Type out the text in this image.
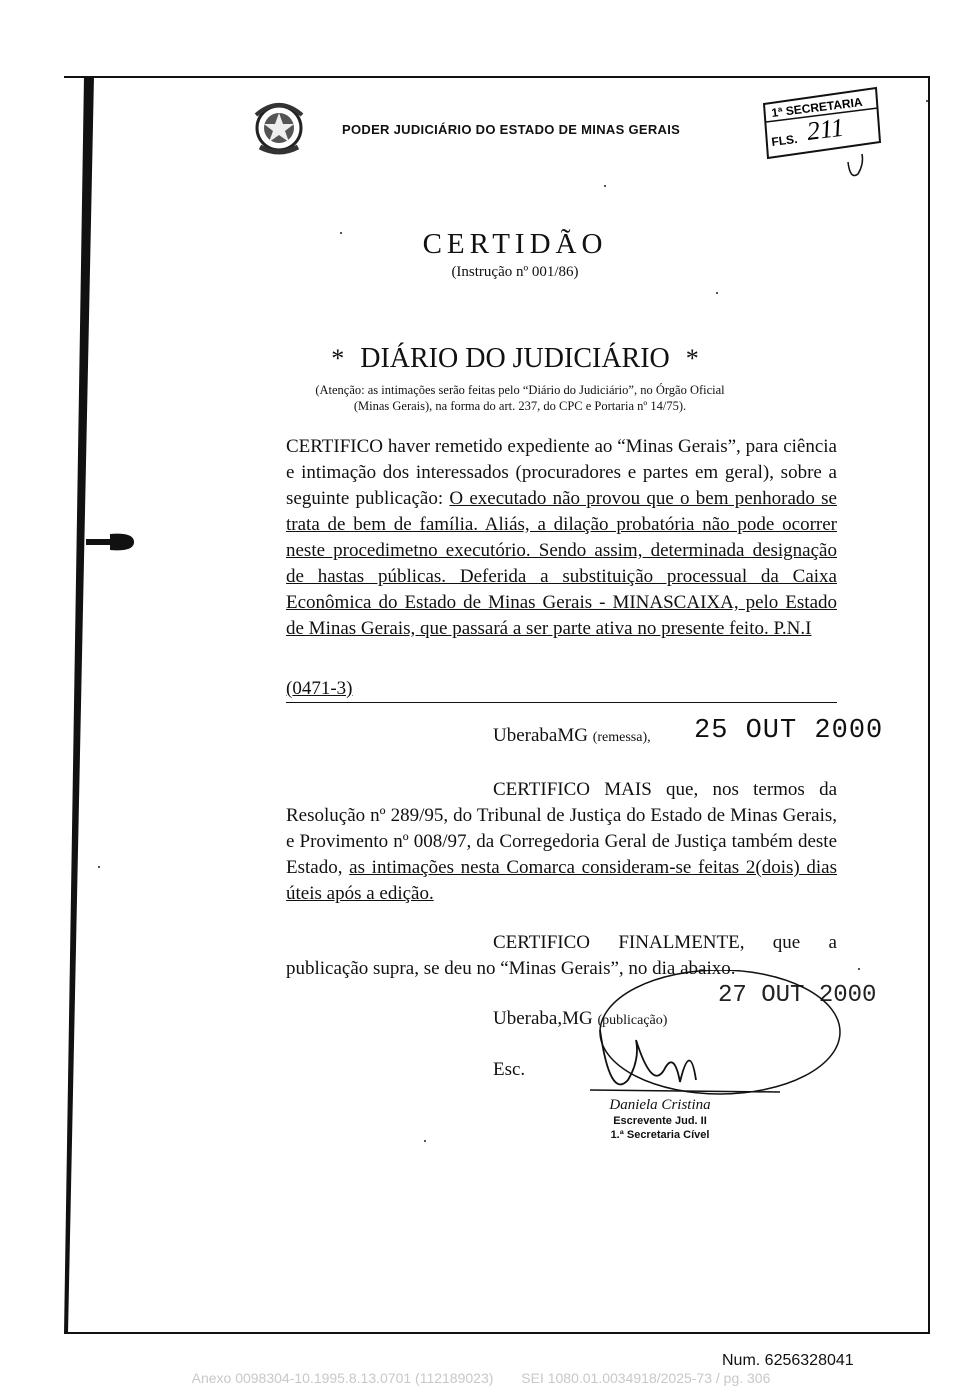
PODER JUDICIÁRIO DO ESTADO DE MINAS GERAIS
1ª SECRETARIA
FLS. 211
CERTIDÃO
(Instrução nº 001/86)
* DIÁRIO DO JUDICIÁRIO *
(Atenção: as intimações serão feitas pelo “Diário do Judiciário”, no Órgão Oficial (Minas Gerais), na forma do art. 237, do CPC e Portaria nº 14/75).
CERTIFICO haver remetido expediente ao “Minas Gerais”, para ciência e intimação dos interessados (procuradores e partes em geral), sobre a seguinte publicação: O executado não provou que o bem penhorado se trata de bem de família. Aliás, a dilação probatória não pode ocorrer neste procedimetno executório. Sendo assim, determinada designação de hastas públicas. Deferida a substituição processual da Caixa Econômica do Estado de Minas Gerais - MINASCAIXA, pelo Estado de Minas Gerais, que passará a ser parte ativa no presente feito. P.N.I
(0471-3)
UberabaMG (remessa), 25 OUT 2000
CERTIFICO MAIS que, nos termos da Resolução nº 289/95, do Tribunal de Justiça do Estado de Minas Gerais, e Provimento nº 008/97, da Corregedoria Geral de Justiça também deste Estado, as intimações nesta Comarca consideram-se feitas 2(dois) dias úteis após a edição.
CERTIFICO FINALMENTE, que a publicação supra, se deu no “Minas Gerais”, no dia abaixo.
Uberaba,MG (publicação)
27 OUT 2000
Esc.
Daniela Cristina
Escrevente Jud. II
1.ª Secretaria Cível
Num. 6256328041
Anexo 0098304-10.1995.8.13.0701 (112189023) SEI 1080.01.0034918/2025-73 / pg. 306
